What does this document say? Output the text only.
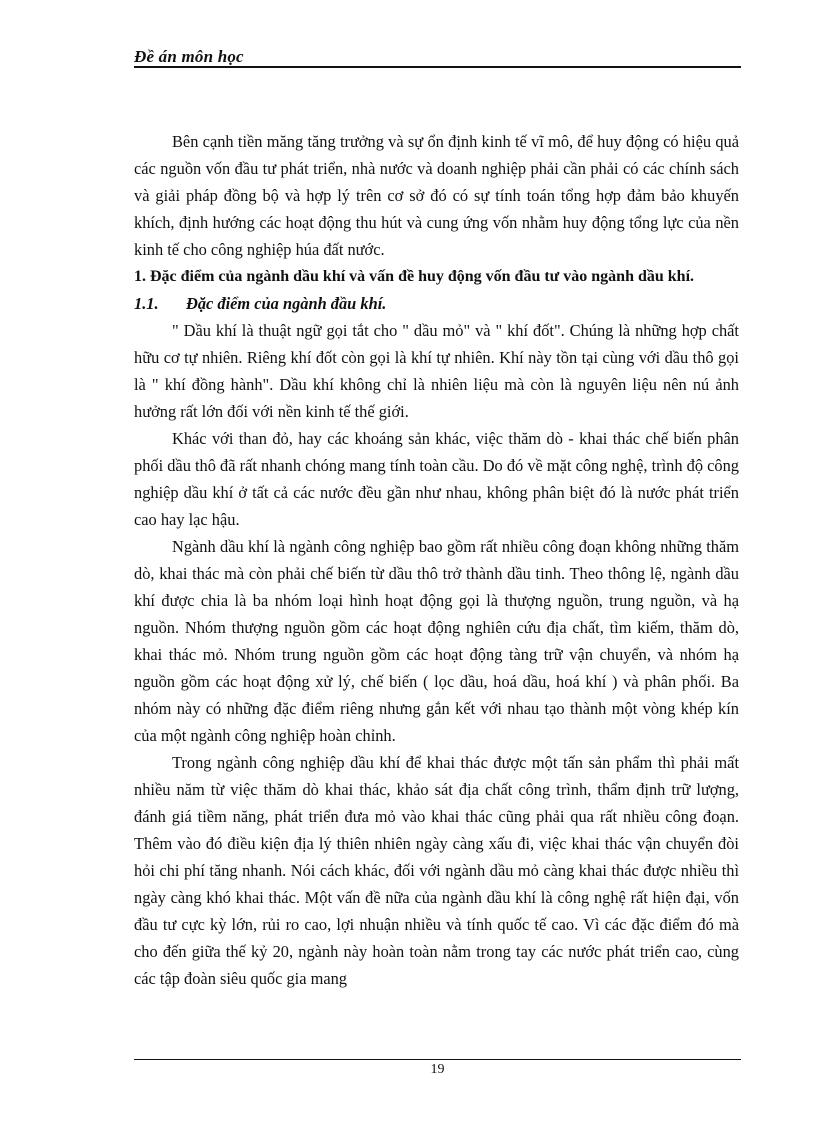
Đề án môn học

Bên cạnh tiền măng tăng trưởng và sự ổn định kinh tế vĩ mô, để huy động có hiệu quả các nguồn vốn đầu tư phát triển, nhà nước và doanh nghiệp phải cần phải có các chính sách và giải pháp đồng bộ và hợp lý trên cơ sở đó có sự tính toán tổng hợp đảm bảo khuyến khích, định hướng các hoạt động thu hút và cung ứng vốn nhằm huy động tổng lực của nền kinh tế cho công nghiệp húa đất nước.

1. Đặc điểm của ngành dầu khí và vấn đề huy động vốn đầu tư vào ngành dầu khí.

1.1. Đặc điểm của ngành đầu khí.

" Dầu khí là thuật ngữ gọi tắt cho " dầu mỏ" và " khí đốt". Chúng là những hợp chất hữu cơ tự nhiên. Riêng khí đốt còn gọi là khí tự nhiên. Khí này tồn tại cùng với dầu thô gọi là " khí đồng hành". Dầu khí không chỉ là nhiên liệu mà còn là nguyên liệu nên nú ảnh hưởng rất lớn đối với nền kinh tế thế giới.

Khác với than đỏ, hay các khoáng sản khác, việc thăm dò - khai thác chế biến phân phối dầu thô đã rất nhanh chóng mang tính toàn cầu. Do đó về mặt công nghệ, trình độ công nghiệp dầu khí ở tất cả các nước đều gần như nhau, không phân biệt đó là nước phát triển cao hay lạc hậu.

Ngành dầu khí là ngành công nghiệp bao gồm rất nhiều công đoạn không những thăm dò, khai thác mà còn phải chế biến từ dầu thô trở thành dầu tinh. Theo thông lệ, ngành dầu khí được chia là ba nhóm loại hình hoạt động gọi là thượng nguồn, trung nguồn, và hạ nguồn. Nhóm thượng nguồn gồm các hoạt động nghiên cứu địa chất, tìm kiếm, thăm dò, khai thác mỏ. Nhóm trung nguồn gồm các hoạt động tàng trữ vận chuyển, và nhóm hạ nguồn gồm các hoạt động xử lý, chế biến ( lọc dầu, hoá dầu, hoá khí ) và phân phối. Ba nhóm này có những đặc điểm riêng nhưng gắn kết với nhau tạo thành một vòng khép kín của một ngành công nghiệp hoàn chỉnh.

Trong ngành công nghiệp dầu khí để khai thác được một tấn sản phẩm thì phải mất nhiều năm từ việc thăm dò khai thác, khảo sát địa chất công trình, thẩm định trữ lượng, đánh giá tiềm năng, phát triển đưa mỏ vào khai thác cũng phải qua rất nhiều công đoạn. Thêm vào đó điều kiện địa lý thiên nhiên ngày càng xấu đi, việc khai thác vận chuyển đòi hỏi chi phí tăng nhanh. Nói cách khác, đối với ngành dầu mỏ càng khai thác được nhiều thì ngày càng khó khai thác. Một vấn đề nữa của ngành dầu khí là công nghệ rất hiện đại, vốn đầu tư cực kỳ lớn, rủi ro cao, lợi nhuận nhiều và tính quốc tế cao. Vì các đặc điểm đó mà cho đến giữa thế kỷ 20, ngành này hoàn toàn nằm trong tay các nước phát triển cao, cùng các tập đoàn siêu quốc gia mang

19
